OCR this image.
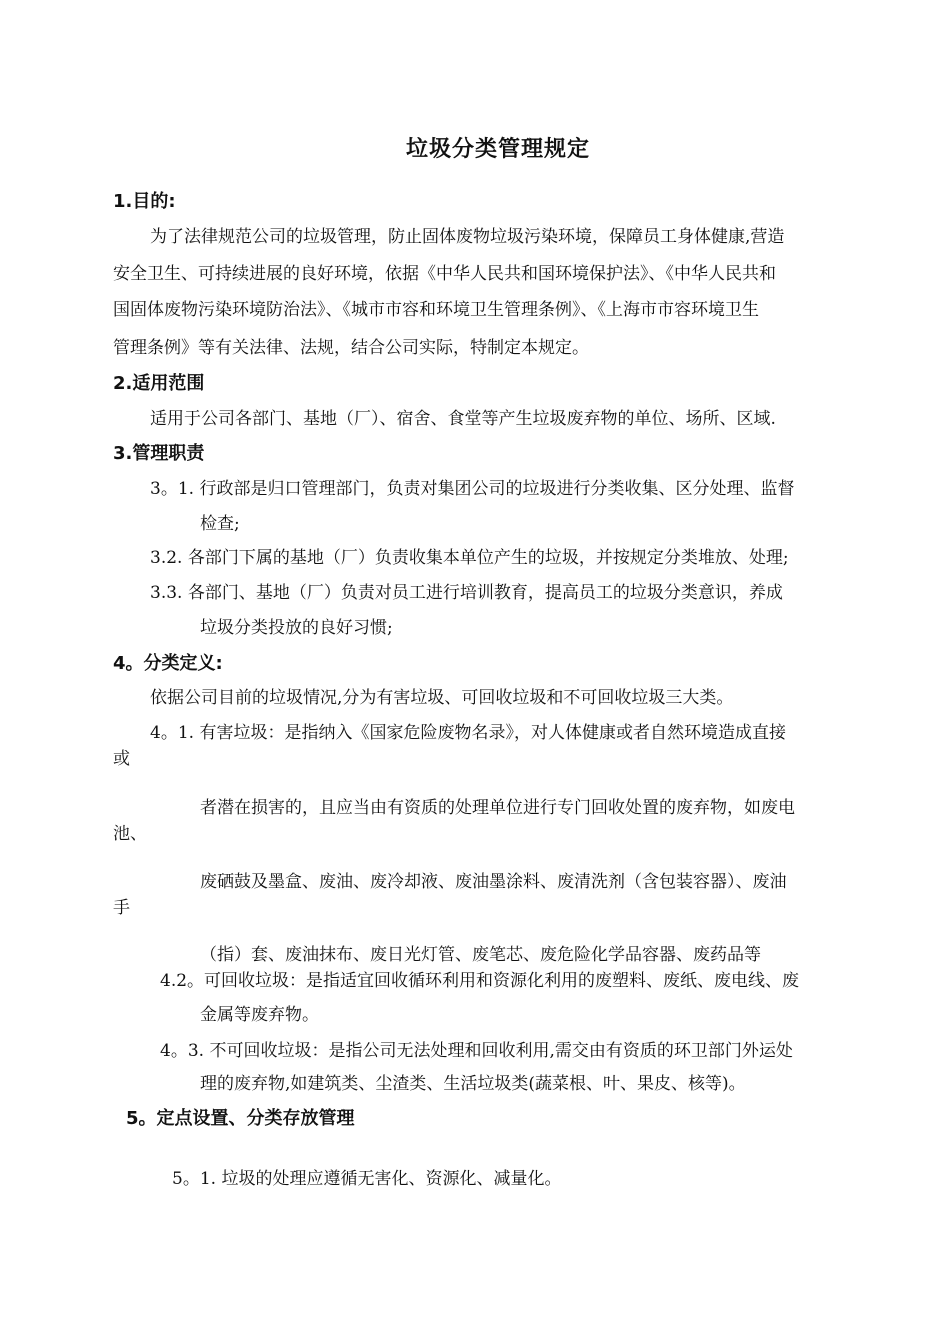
垃圾分类管理规定
1.目的:
为了法律规范公司的垃圾管理，防止固体废物垃圾污染环境，保障员工身体健康,营造
安全卫生、可持续进展的良好环境，依据《中华人民共和国环境保护法》、《中华人民共和
国固体废物污染环境防治法》、《城市市容和环境卫生管理条例》、《上海市市容环境卫生
管理条例》等有关法律、法规，结合公司实际，特制定本规定。
2.适用范围
适用于公司各部门、基地（厂）、宿舍、食堂等产生垃圾废弃物的单位、场所、区域.
3.管理职责
3。1. 行政部是归口管理部门，负责对集团公司的垃圾进行分类收集、区分处理、监督
检查;
3.2. 各部门下属的基地（厂）负责收集本单位产生的垃圾，并按规定分类堆放、处理;
3.3. 各部门、基地（厂）负责对员工进行培训教育，提高员工的垃圾分类意识，养成
垃圾分类投放的良好习惯;
4。分类定义:
依据公司目前的垃圾情况,分为有害垃圾、可回收垃圾和不可回收垃圾三大类。
4。1. 有害垃圾：是指纳入《国家危险废物名录》，对人体健康或者自然环境造成直接
或
者潜在损害的，且应当由有资质的处理单位进行专门回收处置的废弃物，如废电
池、
废硒鼓及墨盒、废油、废冷却液、废油墨涂料、废清洗剂（含包装容器）、废油
手
（指）套、废油抹布、废日光灯管、废笔芯、废危险化学品容器、废药品等
4.2。可回收垃圾：是指适宜回收循环利用和资源化利用的废塑料、废纸、废电线、废
金属等废弃物。
4。3. 不可回收垃圾：是指公司无法处理和回收利用,需交由有资质的环卫部门外运处
理的废弃物,如建筑类、尘渣类、生活垃圾类(蔬菜根、叶、果皮、核等)。
5。定点设置、分类存放管理
5。1. 垃圾的处理应遵循无害化、资源化、减量化。
